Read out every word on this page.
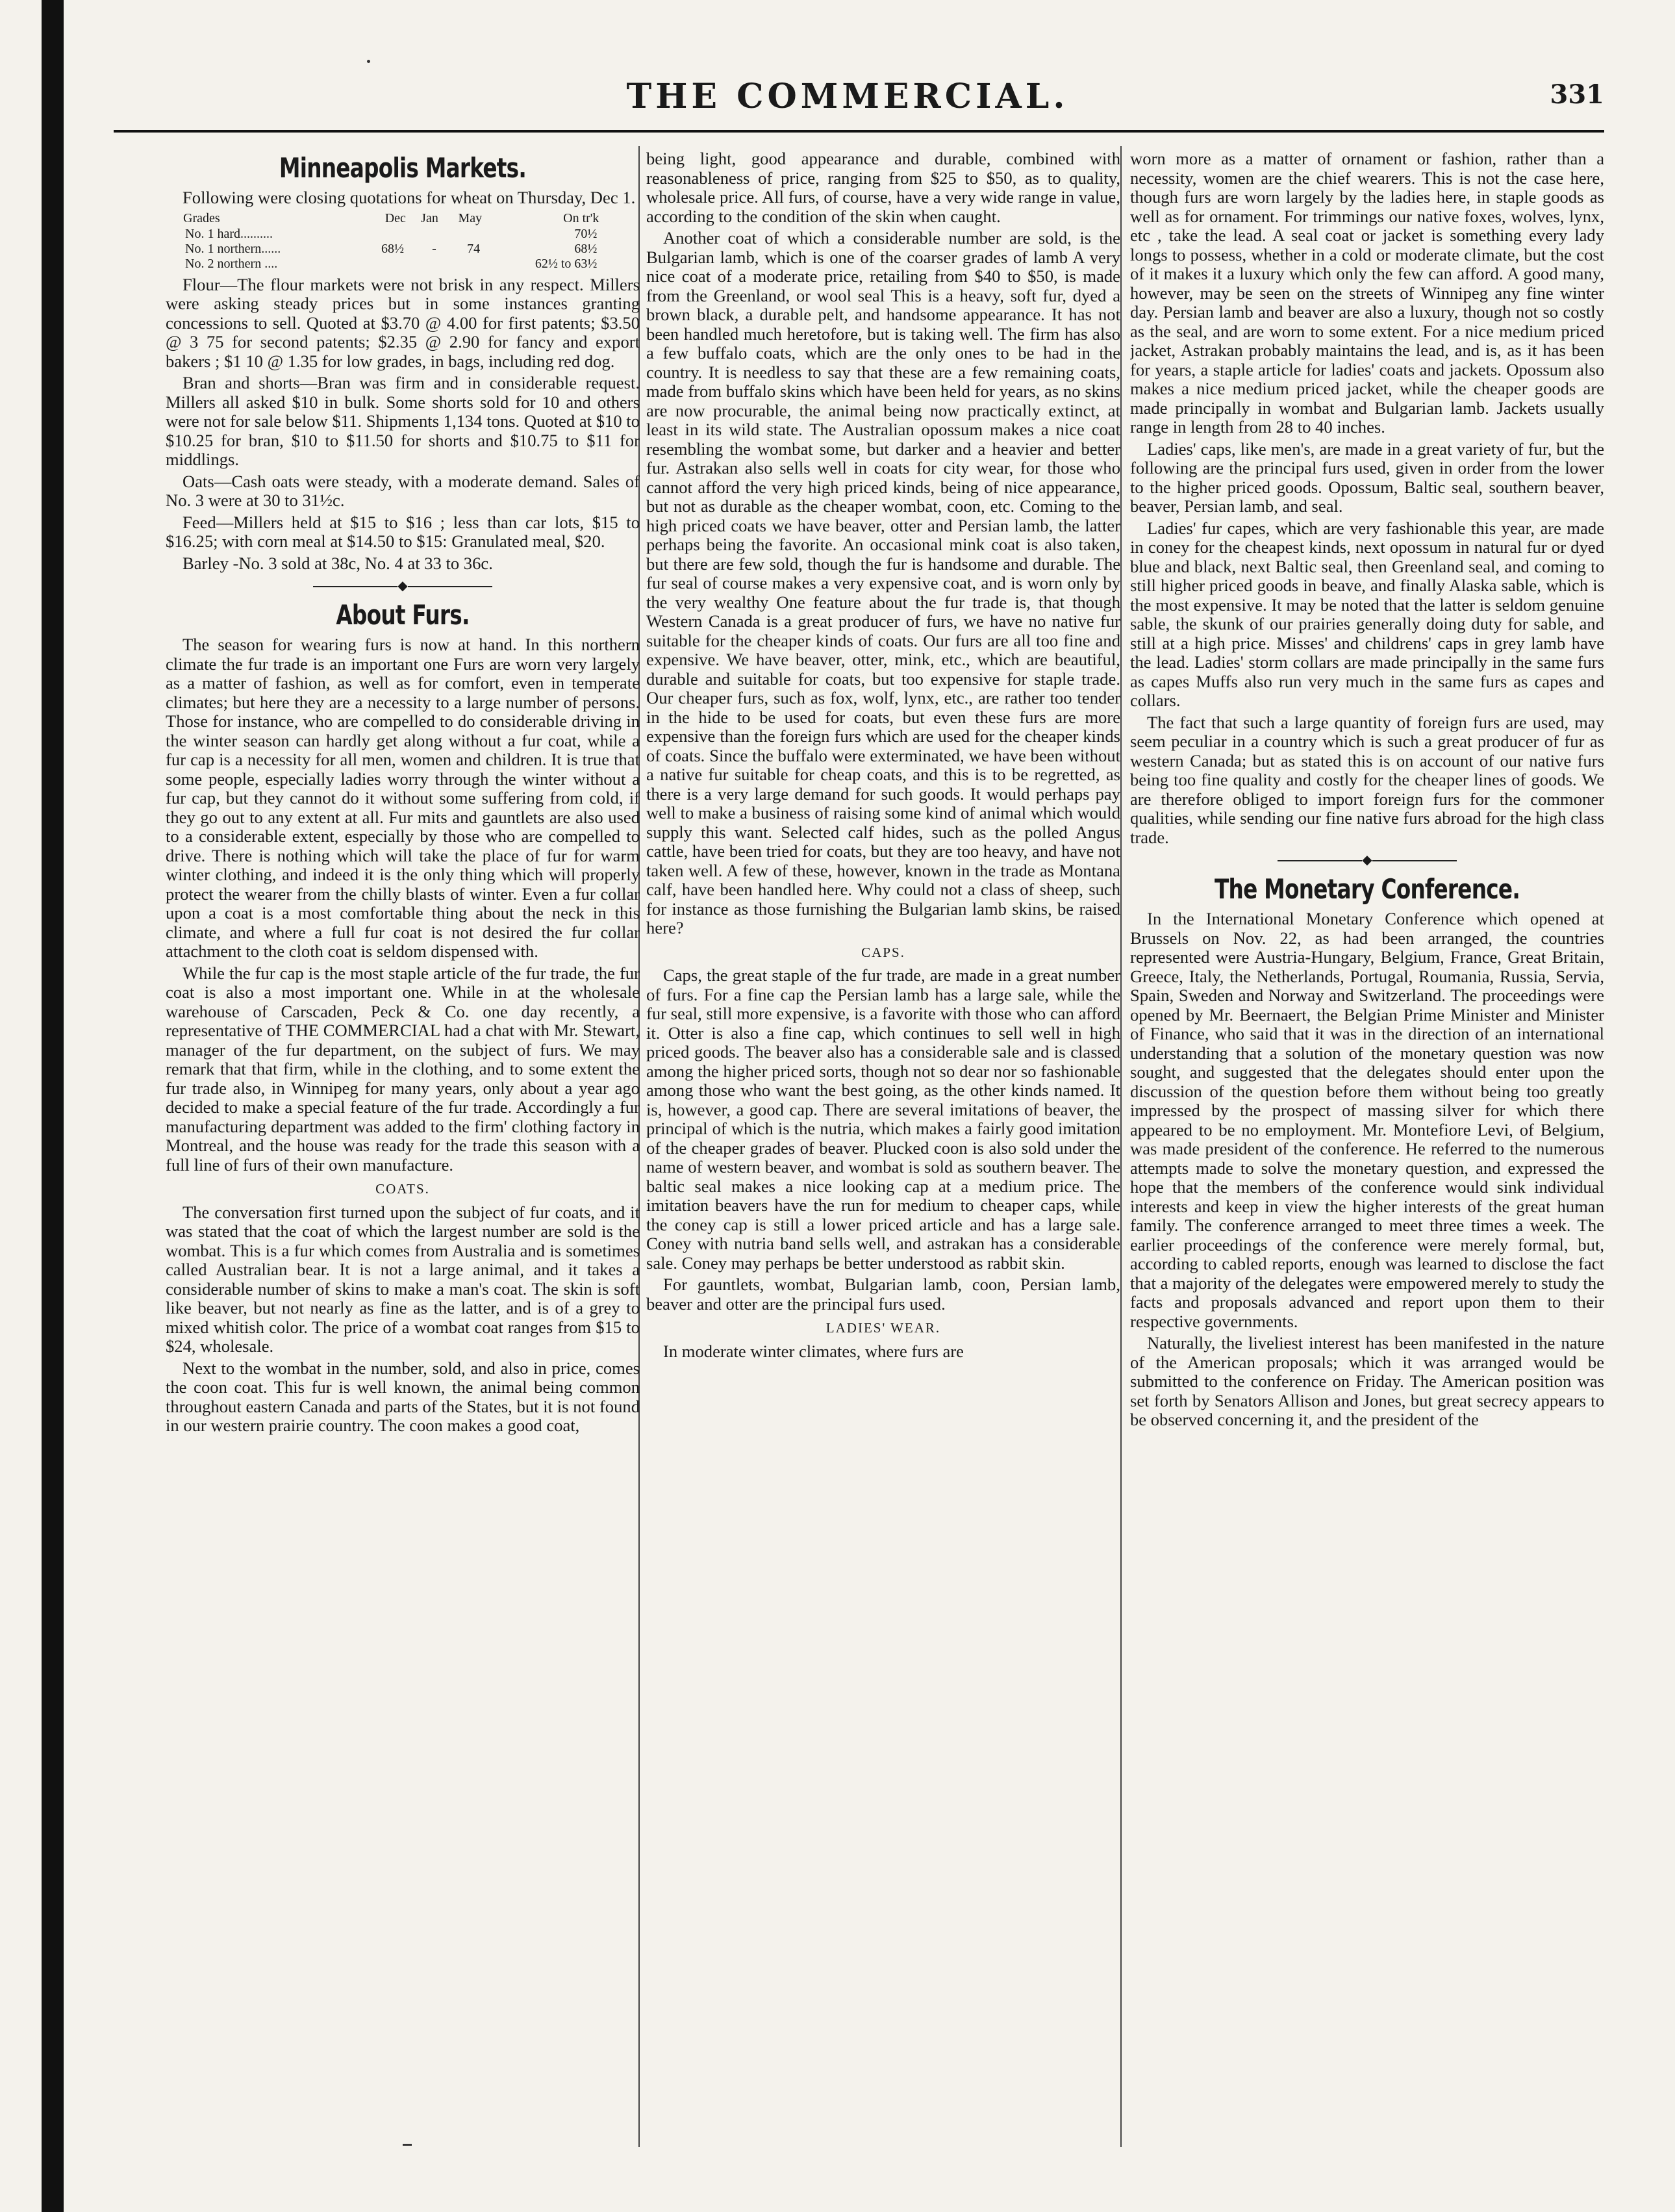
THE COMMERCIAL.	331
Minneapolis Markets.

Following were closing quotations for wheat on Thursday, Dec 1.

Grades	Dec	Jan	May	On tr'k
No. 1 hard..........				70½
No. 1 northern......	68½	-	74	68½
No. 2 northern ....				62½ to 63½

Flour—The flour markets were not brisk in any respect. Millers were asking steady prices but in some instances granting concessions to sell. Quoted at $3.70 @ 4.00 for first patents; $3.50 @ 3 75 for second patents; $2.35 @ 2.90 for fancy and export bakers ; $1 10 @ 1.35 for low grades, in bags, including red dog.

Bran and shorts—Bran was firm and in considerable request. Millers all asked $10 in bulk. Some shorts sold for 10 and others were not for sale below $11. Shipments 1,134 tons. Quoted at $10 to $10.25 for bran, $10 to $11.50 for shorts and $10.75 to $11 for middlings.

Oats—Cash oats were steady, with a moderate demand. Sales of No. 3 were at 30 to 31½c.

Feed—Millers held at $15 to $16 ; less than car lots, $15 to $16.25; with corn meal at $14.50 to $15: Granulated meal, $20.

Barley -No. 3 sold at 38c, No. 4 at 33 to 36c.

◆
About Furs.

The season for wearing furs is now at hand. In this northern climate the fur trade is an important one Furs are worn very largely as a matter of fashion, as well as for comfort, even in temperate climates; but here they are a necessity to a large number of persons. Those for instance, who are compelled to do considerable driving in the winter season can hardly get along without a fur coat, while a fur cap is a necessity for all men, women and children. It is true that some people, especially ladies worry through the winter without a fur cap, but they cannot do it without some suffering from cold, if they go out to any extent at all. Fur mits and gauntlets are also used to a considerable extent, especially by those who are compelled to drive. There is nothing which will take the place of fur for warm winter clothing, and indeed it is the only thing which will properly protect the wearer from the chilly blasts of winter. Even a fur collar upon a coat is a most comfortable thing about the neck in this climate, and where a full fur coat is not desired the fur collar attachment to the cloth coat is seldom dispensed with.

While the fur cap is the most staple article of the fur trade, the fur coat is also a most important one. While in at the wholesale warehouse of Carscaden, Peck & Co. one day recently, a representative of THE COMMERCIAL had a chat with Mr. Stewart, manager of the fur department, on the subject of furs. We may remark that that firm, while in the clothing, and to some extent the fur trade also, in Winnipeg for many years, only about a year ago decided to make a special feature of the fur trade. Accordingly a fur manufacturing department was added to the firm' clothing factory in Montreal, and the house was ready for the trade this season with a full line of furs of their own manufacture.

COATS.

The conversation first turned upon the subject of fur coats, and it was stated that the coat of which the largest number are sold is the wombat. This is a fur which comes from Australia and is sometimes called Australian bear. It is not a large animal, and it takes a considerable number of skins to make a man's coat. The skin is soft like beaver, but not nearly as fine as the latter, and is of a grey to mixed whitish color. The price of a wombat coat ranges from $15 to $24, wholesale.

Next to the wombat in the number, sold, and also in price, comes the coon coat. This fur is well known, the animal being common throughout eastern Canada and parts of the States, but it is not found in our western prairie country. The coon makes a good coat,

being light, good appearance and durable, combined with reasonableness of price, ranging from $25 to $50, as to quality, wholesale price. All furs, of course, have a very wide range in value, according to the condition of the skin when caught.

Another coat of which a considerable number are sold, is the Bulgarian lamb, which is one of the coarser grades of lamb A very nice coat of a moderate price, retailing from $40 to $50, is made from the Greenland, or wool seal This is a heavy, soft fur, dyed a brown black, a durable pelt, and handsome appearance. It has not been handled much heretofore, but is taking well. The firm has also a few buffalo coats, which are the only ones to be had in the country. It is needless to say that these are a few remaining coats, made from buffalo skins which have been held for years, as no skins are now procurable, the animal being now practically extinct, at least in its wild state. The Australian opossum makes a nice coat resembling the wombat some, but darker and a heavier and better fur. Astrakan also sells well in coats for city wear, for those who cannot afford the very high priced kinds, being of nice appearance, but not as durable as the cheaper wombat, coon, etc. Coming to the high priced coats we have beaver, otter and Persian lamb, the latter perhaps being the favorite. An occasional mink coat is also taken, but there are few sold, though the fur is handsome and durable. The fur seal of course makes a very expensive coat, and is worn only by the very wealthy One feature about the fur trade is, that though Western Canada is a great producer of furs, we have no native fur suitable for the cheaper kinds of coats. Our furs are all too fine and expensive. We have beaver, otter, mink, etc., which are beautiful, durable and suitable for coats, but too expensive for staple trade. Our cheaper furs, such as fox, wolf, lynx, etc., are rather too tender in the hide to be used for coats, but even these furs are more expensive than the foreign furs which are used for the cheaper kinds of coats. Since the buffalo were exterminated, we have been without a native fur suitable for cheap coats, and this is to be regretted, as there is a very large demand for such goods. It would perhaps pay well to make a business of raising some kind of animal which would supply this want. Selected calf hides, such as the polled Angus cattle, have been tried for coats, but they are too heavy, and have not taken well. A few of these, however, known in the trade as Montana calf, have been handled here. Why could not a class of sheep, such for instance as those furnishing the Bulgarian lamb skins, be raised here?

CAPS.

Caps, the great staple of the fur trade, are made in a great number of furs. For a fine cap the Persian lamb has a large sale, while the fur seal, still more expensive, is a favorite with those who can afford it. Otter is also a fine cap, which continues to sell well in high priced goods. The beaver also has a considerable sale and is classed among the higher priced sorts, though not so dear nor so fashionable among those who want the best going, as the other kinds named. It is, however, a good cap. There are several imitations of beaver, the principal of which is the nutria, which makes a fairly good imitation of the cheaper grades of beaver. Plucked coon is also sold under the name of western beaver, and wombat is sold as southern beaver. The baltic seal makes a nice looking cap at a medium price. The imitation beavers have the run for medium to cheaper caps, while the coney cap is still a lower priced article and has a large sale. Coney with nutria band sells well, and astrakan has a considerable sale. Coney may perhaps be better understood as rabbit skin.

For gauntlets, wombat, Bulgarian lamb, coon, Persian lamb, beaver and otter are the principal furs used.

LADIES' WEAR.

In moderate winter climates, where furs are

worn more as a matter of ornament or fashion, rather than a necessity, women are the chief wearers. This is not the case here, though furs are worn largely by the ladies here, in staple goods as well as for ornament. For trimmings our native foxes, wolves, lynx, etc , take the lead. A seal coat or jacket is something every lady longs to possess, whether in a cold or moderate climate, but the cost of it makes it a luxury which only the few can afford. A good many, however, may be seen on the streets of Winnipeg any fine winter day. Persian lamb and beaver are also a luxury, though not so costly as the seal, and are worn to some extent. For a nice medium priced jacket, Astrakan probably maintains the lead, and is, as it has been for years, a staple article for ladies' coats and jackets. Opossum also makes a nice medium priced jacket, while the cheaper goods are made principally in wombat and Bulgarian lamb. Jackets usually range in length from 28 to 40 inches.

Ladies' caps, like men's, are made in a great variety of fur, but the following are the principal furs used, given in order from the lower to the higher priced goods. Opossum, Baltic seal, southern beaver, beaver, Persian lamb, and seal.

Ladies' fur capes, which are very fashionable this year, are made in coney for the cheapest kinds, next opossum in natural fur or dyed blue and black, next Baltic seal, then Greenland seal, and coming to still higher priced goods in beave, and finally Alaska sable, which is the most expensive. It may be noted that the latter is seldom genuine sable, the skunk of our prairies generally doing duty for sable, and still at a high price. Misses' and childrens' caps in grey lamb have the lead. Ladies' storm collars are made principally in the same furs as capes Muffs also run very much in the same furs as capes and collars.

The fact that such a large quantity of foreign furs are used, may seem peculiar in a country which is such a great producer of fur as western Canada; but as stated this is on account of our native furs being too fine quality and costly for the cheaper lines of goods. We are therefore obliged to import foreign furs for the commoner qualities, while sending our fine native furs abroad for the high class trade.

◆
The Monetary Conference.

In the International Monetary Conference which opened at Brussels on Nov. 22, as had been arranged, the countries represented were Austria-Hungary, Belgium, France, Great Britain, Greece, Italy, the Netherlands, Portugal, Roumania, Russia, Servia, Spain, Sweden and Norway and Switzerland. The proceedings were opened by Mr. Beernaert, the Belgian Prime Minister and Minister of Finance, who said that it was in the direction of an international understanding that a solution of the monetary question was now sought, and suggested that the delegates should enter upon the discussion of the question before them without being too greatly impressed by the prospect of massing silver for which there appeared to be no employment. Mr. Montefiore Levi, of Belgium, was made president of the conference. He referred to the numerous attempts made to solve the monetary question, and expressed the hope that the members of the conference would sink individual interests and keep in view the higher interests of the great human family. The conference arranged to meet three times a week. The earlier proceedings of the conference were merely formal, but, according to cabled reports, enough was learned to disclose the fact that a majority of the delegates were empowered merely to study the facts and proposals advanced and report upon them to their respective governments.

Naturally, the liveliest interest has been manifested in the nature of the American proposals; which it was arranged would be submitted to the conference on Friday. The American position was set forth by Senators Allison and Jones, but great secrecy appears to be observed concerning it, and the president of the
